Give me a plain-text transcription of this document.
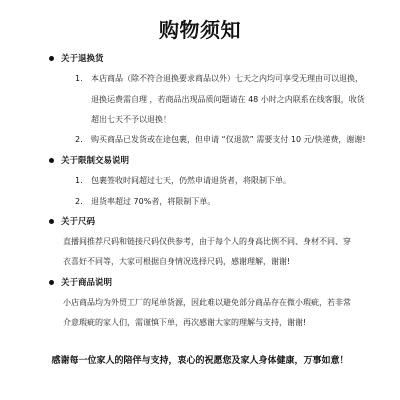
购物须知
关于退换货
1. 本店商品（除不符合退换要求商品以外）七天之内均可享受无理由可以退换，
退换运费需自理 ，若商品出现品质问题请在 48 小时之内联系在线客服，收货
超出七天不予以退换！
2. 购买商品已发货或在途包裹，但申请 “仅退款” 需要支付 10 元/快递费，谢谢!
关于限制交易说明
1. 包裹签收时间超过七天，仍然申请退货者，将限制下单。
2. 退货率超过 70%者，将限制下单。
关于尺码
直播间推荐尺码和链接尺码仅供参考，由于每个人的身高比例不同、身材不同、穿
衣喜好不同等，大家可根据自身情况选择尺码，感谢理解，谢谢!
关于商品说明
小店商品均为外贸工厂的尾单货源，因此难以避免部分商品存在微小瑕疵，若非常
介意瑕疵的家人们，需谨慎下单，再次感谢大家的理解与支持，谢谢!
感谢每一位家人的陪伴与支持，衷心的祝愿您及家人身体健康，万事如意！
